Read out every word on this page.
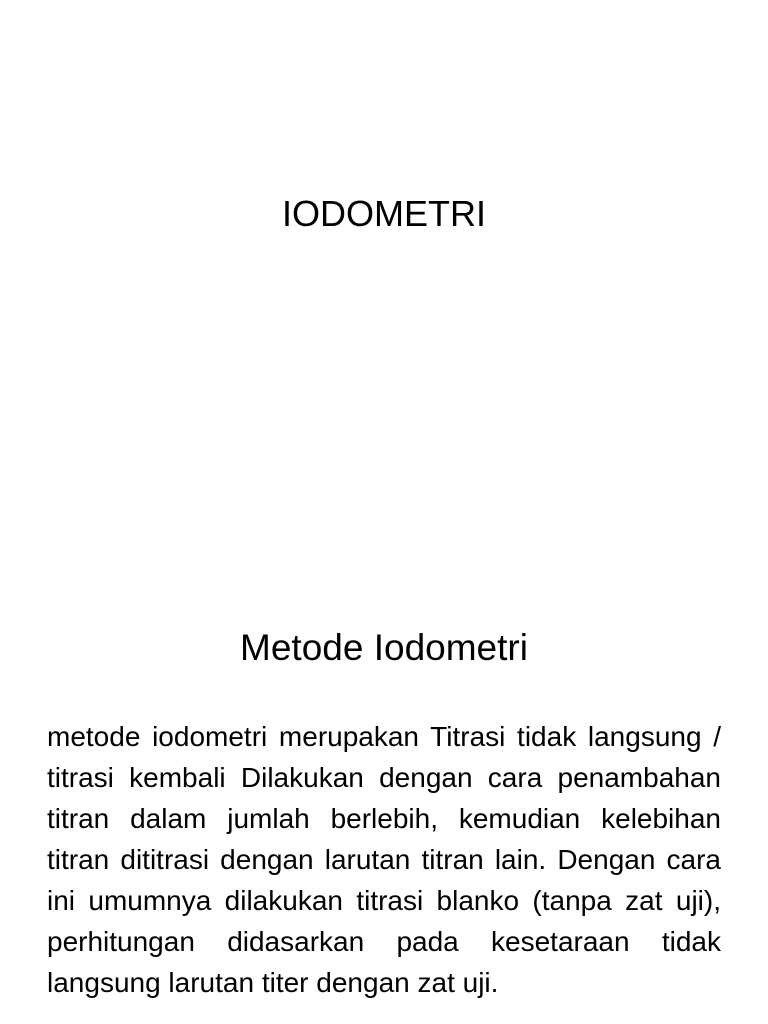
IODOMETRI
Metode Iodometri

metode iodometri merupakan Titrasi tidak langsung / titrasi kembali Dilakukan dengan cara penambahan titran dalam jumlah berlebih, kemudian kelebihan titran dititrasi dengan larutan titran lain. Dengan cara ini umumnya dilakukan titrasi blanko (tanpa zat uji), perhitungan didasarkan pada kesetaraan tidak langsung larutan titer dengan zat uji.
